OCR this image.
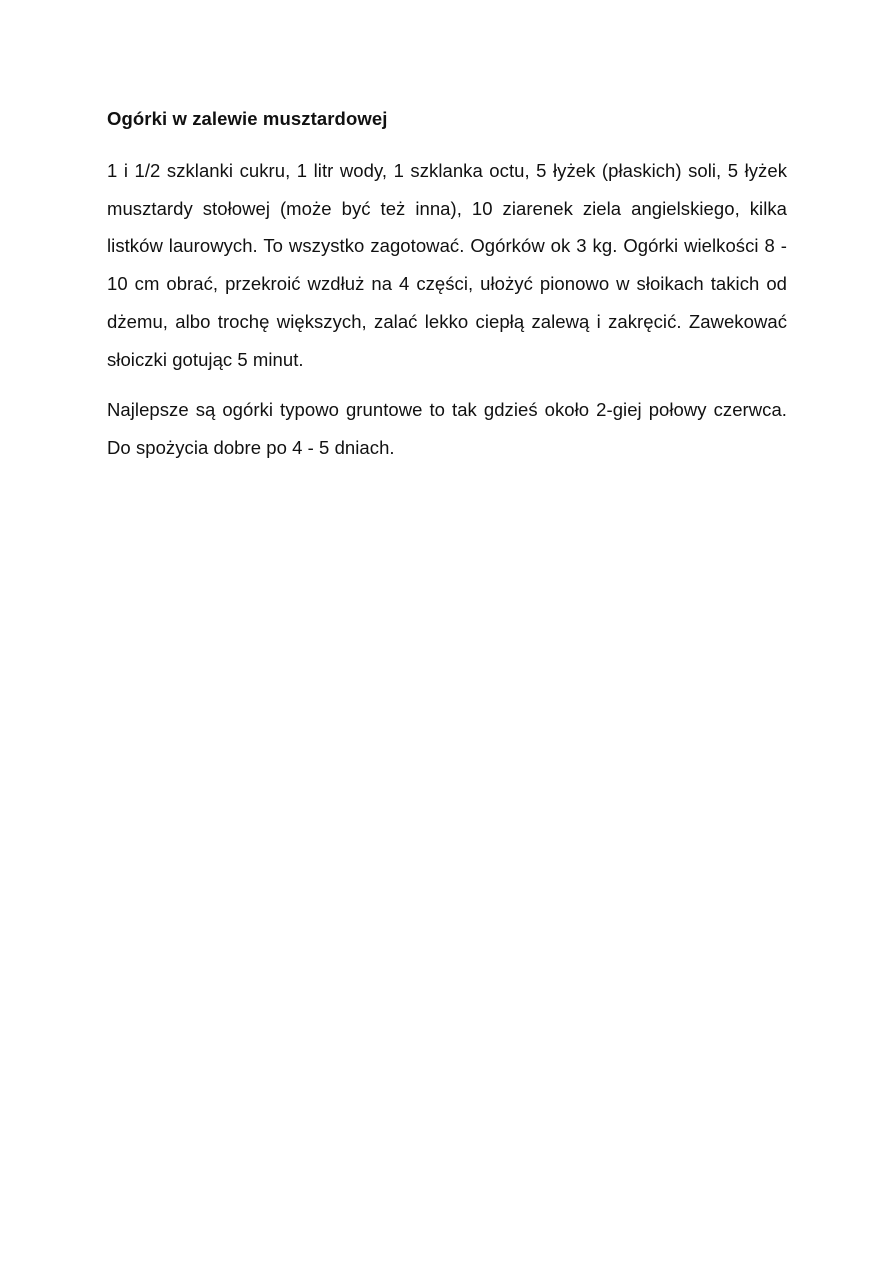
Ogórki w zalewie musztardowej

1 i 1/2 szklanki cukru, 1 litr wody, 1 szklanka octu, 5 łyżek (płaskich) soli, 5 łyżek musztardy stołowej (może być też inna), 10 ziarenek ziela angielskiego, kilka listków laurowych. To wszystko zagotować. Ogórków ok 3 kg. Ogórki wielkości 8 - 10 cm obrać, przekroić wzdłuż na 4 części, ułożyć pionowo w słoikach takich od dżemu, albo trochę większych, zalać lekko ciepłą zalewą i zakręcić. Zawekować słoiczki gotując 5 minut.

Najlepsze są ogórki typowo gruntowe to tak gdzieś około 2-giej połowy czerwca. Do spożycia dobre po 4 - 5 dniach.
